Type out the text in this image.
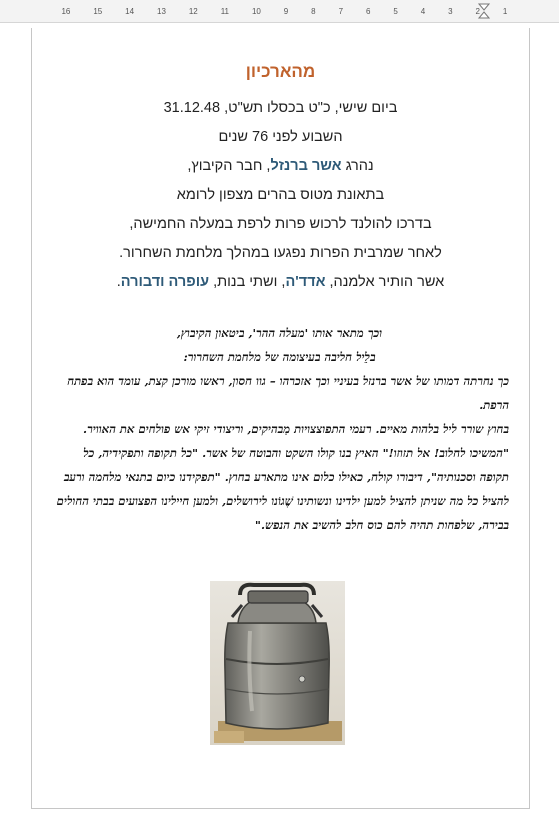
16	15	14	13	12	11	10	9	8	7	6	5	4	3	2	1

מהארכיון

ביום שישי, כ"ט בכסלו תש"ט, 31.12.48

השבוע לפני 76 שנים

נהרג אשר ברנזל, חבר הקיבוץ,

בתאונת מטוס בהרים מצפון לרומא

בדרכו להולנד לרכוש פרות לרפת במעלה החמישה,

לאחר שמרבית הפרות נפגעו במהלך מלחמת השחרור.

אשר הותיר אלמנה, אדד'ה, ושתי בנות, עופרה ודבורה.

וכך מתאר אותו 'מעלה ההר', ביטאון הקיבוץ,

בלֵיל חליבה בעיצומה של מלחמת השחרור:

כך נחרתה דמותו של אשר ברנזל בעיניי וכך אזכרהו – גוו חסון, ראשו מורכן קצת, עומד הוא בפתח הרפת.

בחוץ שורר ליל בלהות מאיים. רעמי התפוצצויות מַבהיקים, וריצודי זיקי אש פולחים את האוויר.

"המשיכו לחלוב! אל תזוזו!" האיץ בנו קולו השקט והבוטח של אשר. "כל תקופה ותפקידיה, כל תקופה וסכנותיה", דיבורו קולח, כאילו כלום אינו מתארע בחוץ. "תפקידנו כיום בתנאי מלחמה ורעב להציל כל מה שניתן להציל למען ילדינו ונשותינו שֶׁגוֹנו לירושלים, ולמען חיילינו הפצועים בבתי החולים בבירה, שלפחות תהיה להם כוס חלב להשיב את הנפש."
